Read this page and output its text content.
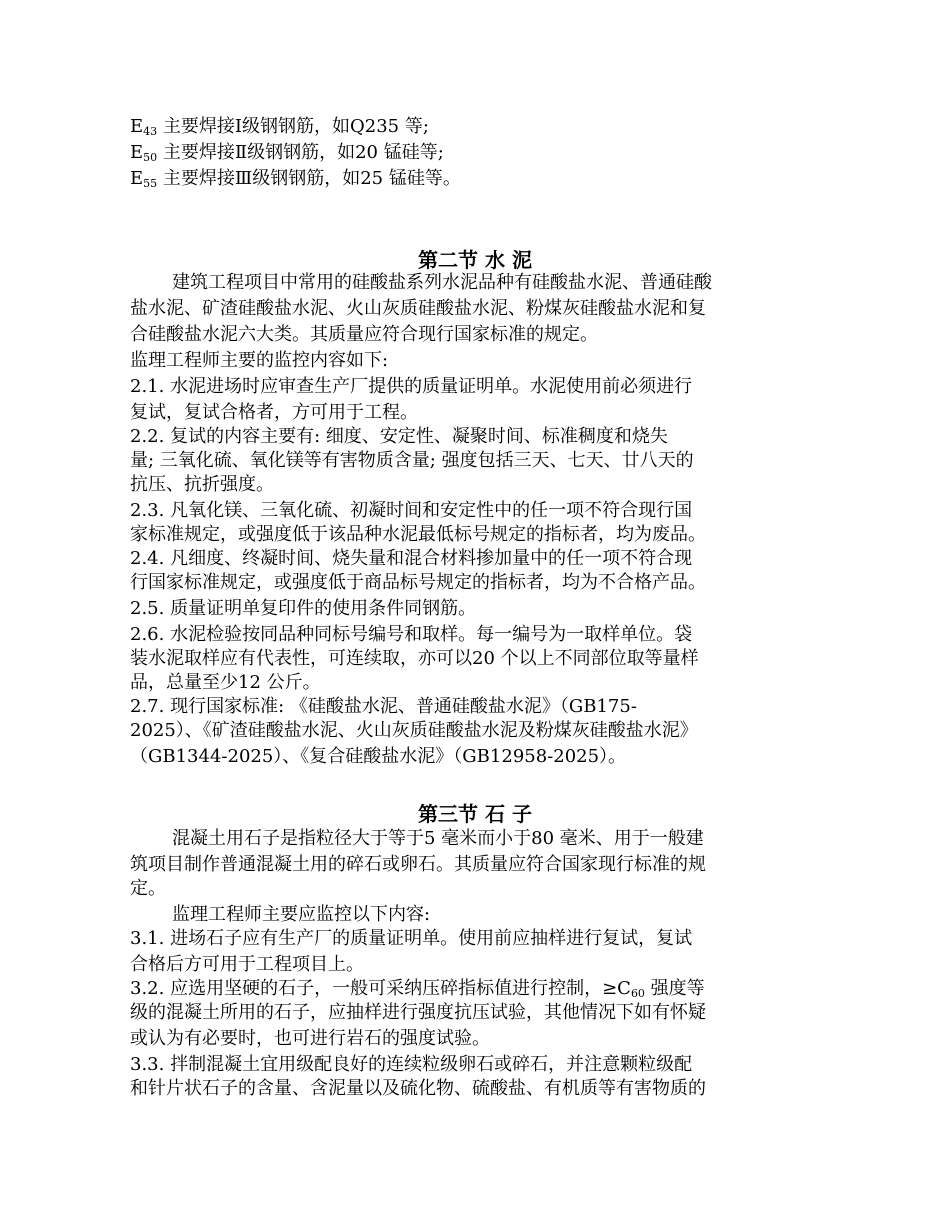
$E_{43}$ 主要焊接Ⅰ级钢钢筋，如Q235 等;
$E_{50}$ 主要焊接Ⅱ级钢钢筋，如20 锰硅等;
$E_{55}$ 主要焊接Ⅲ级钢钢筋，如25 锰硅等。
第二节 水 泥
建筑工程项目中常用的硅酸盐系列水泥品种有硅酸盐水泥、普通硅酸
盐水泥、矿渣硅酸盐水泥、火山灰质硅酸盐水泥、粉煤灰硅酸盐水泥和复
合硅酸盐水泥六大类。其质量应符合现行国家标准的规定。
监理工程师主要的监控内容如下:
2.1. 水泥进场时应审查生产厂提供的质量证明单。水泥使用前必须进行
复试，复试合格者，方可用于工程。
2.2. 复试的内容主要有: 细度、安定性、凝聚时间、标准稠度和烧失
量; 三氧化硫、氧化镁等有害物质含量; 强度包括三天、七天、廿八天的
抗压、抗折强度。
2.3. 凡氧化镁、三氧化硫、初凝时间和安定性中的任一项不符合现行国
家标准规定，或强度低于该品种水泥最低标号规定的指标者，均为废品。
2.4. 凡细度、终凝时间、烧失量和混合材料掺加量中的任一项不符合现
行国家标准规定，或强度低于商品标号规定的指标者，均为不合格产品。
2.5. 质量证明单复印件的使用条件同钢筋。
2.6. 水泥检验按同品种同标号编号和取样。每一编号为一取样单位。袋
装水泥取样应有代表性，可连续取，亦可以20 个以上不同部位取等量样
品，总量至少12 公斤。
2.7. 现行国家标准: 《硅酸盐水泥、普通硅酸盐水泥》（GB175-
2025）、《矿渣硅酸盐水泥、火山灰质硅酸盐水泥及粉煤灰硅酸盐水泥》
（GB1344-2025）、《复合硅酸盐水泥》（GB12958-2025）。
第三节 石 子
混凝土用石子是指粒径大于等于5 毫米而小于80 毫米、用于一般建
筑项目制作普通混凝土用的碎石或卵石。其质量应符合国家现行标准的规
定。
监理工程师主要应监控以下内容:
3.1. 进场石子应有生产厂的质量证明单。使用前应抽样进行复试，复试
合格后方可用于工程项目上。
3.2. 应选用坚硬的石子，一般可采纳压碎指标值进行控制，$\ge C_{60}$ 强度等
级的混凝土所用的石子，应抽样进行强度抗压试验，其他情况下如有怀疑
或认为有必要时，也可进行岩石的强度试验。
3.3. 拌制混凝土宜用级配良好的连续粒级卵石或碎石，并注意颗粒级配
和针片状石子的含量、含泥量以及硫化物、硫酸盐、有机质等有害物质的
